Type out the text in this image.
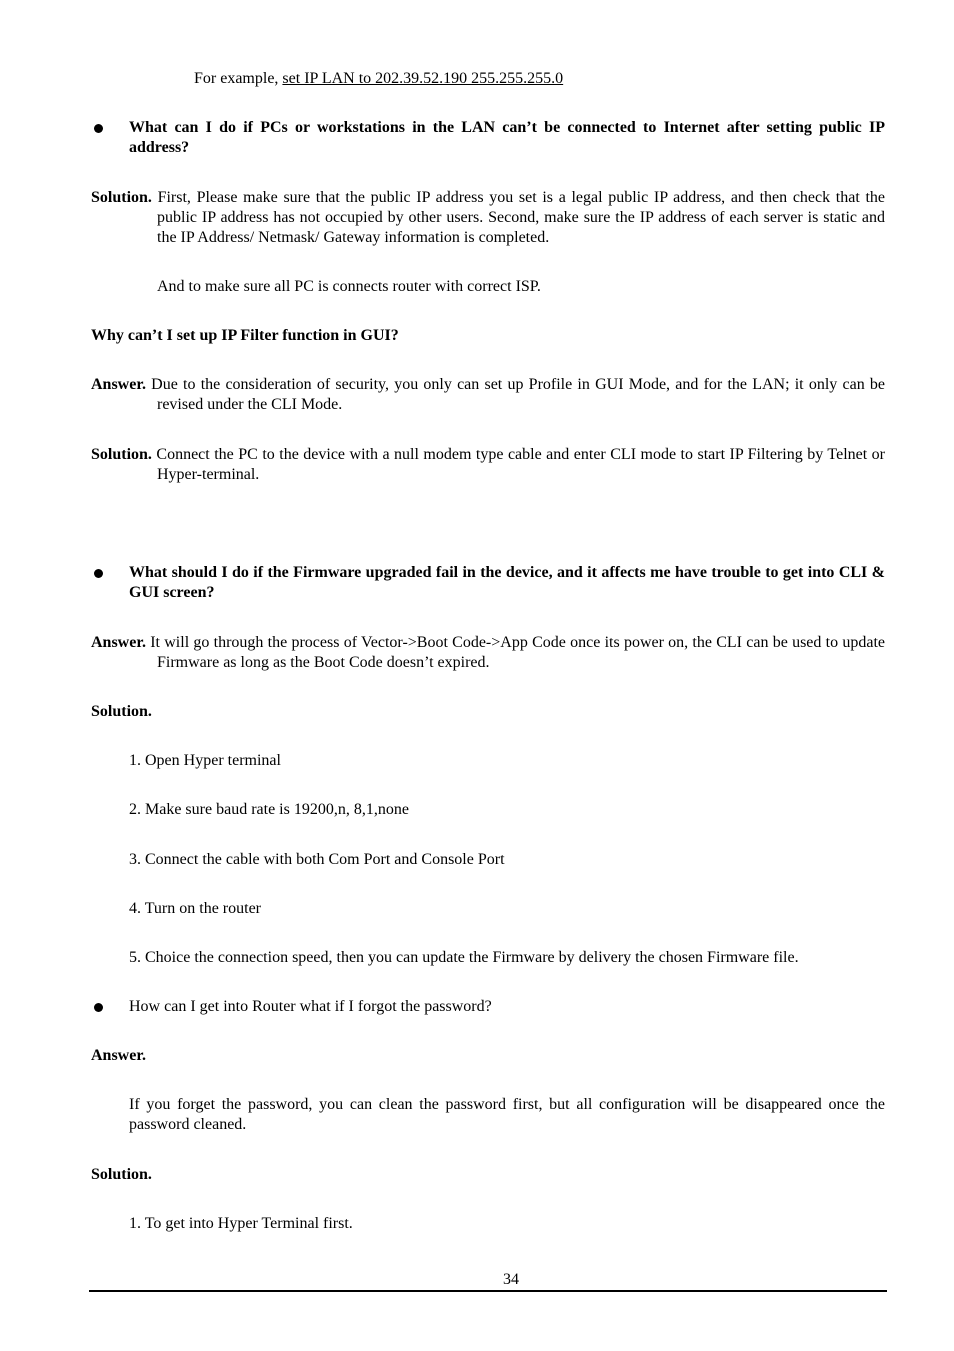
For example, set IP LAN to 202.39.52.190 255.255.255.0
What can I do if PCs or workstations in the LAN can’t be connected to Internet after setting public IP address?
Solution. First, Please make sure that the public IP address you set is a legal public IP address, and then check that the public IP address has not occupied by other users. Second, make sure the IP address of each server is static and the IP Address/ Netmask/ Gateway information is completed.
And to make sure all PC is connects router with correct ISP.
Why can’t I set up IP Filter function in GUI?
Answer. Due to the consideration of security, you only can set up Profile in GUI Mode, and for the LAN; it only can be revised under the CLI Mode.
Solution. Connect the PC to the device with a null modem type cable and enter CLI mode to start IP Filtering by Telnet or Hyper-terminal.
What should I do if the Firmware upgraded fail in the device, and it affects me have trouble to get into CLI & GUI screen?
Answer. It will go through the process of Vector->Boot Code->App Code once its power on, the CLI can be used to update Firmware as long as the Boot Code doesn’t expired.
Solution.
1. Open Hyper terminal
2. Make sure baud rate is 19200,n, 8,1,none
3. Connect the cable with both Com Port and Console Port
4. Turn on the router
5. Choice the connection speed, then you can update the Firmware by delivery the chosen Firmware file.
How can I get into Router what if I forgot the password?
Answer.
If you forget the password, you can clean the password first, but all configuration will be disappeared once the password cleaned.
Solution.
1. To get into Hyper Terminal first.
34
